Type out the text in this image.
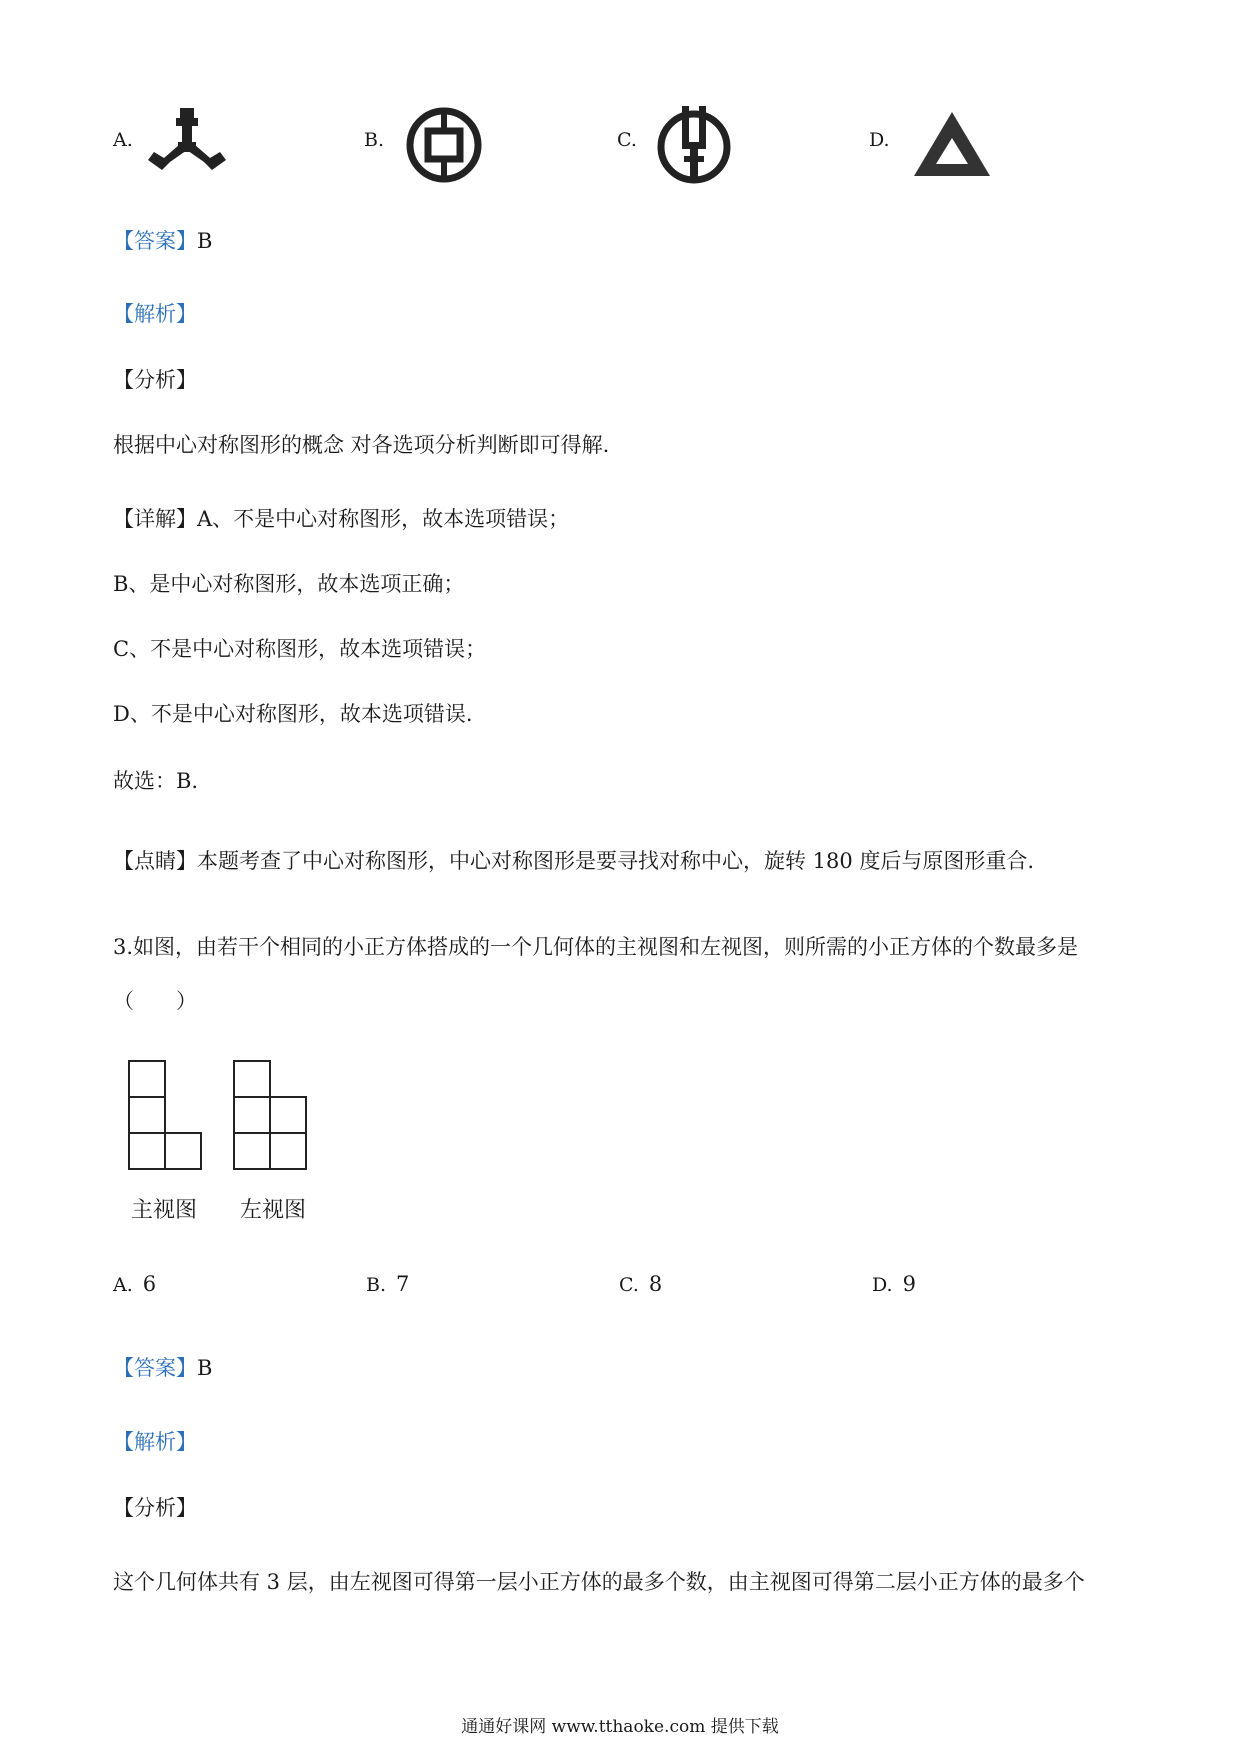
A.	B.	C.	D.
【答案】B
【解析】
【分析】
根据中心对称图形的概念 对各选项分析判断即可得解.
【详解】A、不是中心对称图形，故本选项错误；
B、是中心对称图形，故本选项正确；
C、不是中心对称图形，故本选项错误；
D、不是中心对称图形，故本选项错误.
故选：B.
【点睛】本题考查了中心对称图形，中心对称图形是要寻找对称中心，旋转 180 度后与原图形重合.
3.如图，由若干个相同的小正方体搭成的一个几何体的主视图和左视图，则所需的小正方体的个数最多是
（　　）
主视图 左视图
A. 6	B. 7	C. 8	D. 9
【答案】B
【解析】
【分析】
这个几何体共有 3 层，由左视图可得第一层小正方体的最多个数，由主视图可得第二层小正方体的最多个
通通好课网 www.tthaoke.com 提供下载
